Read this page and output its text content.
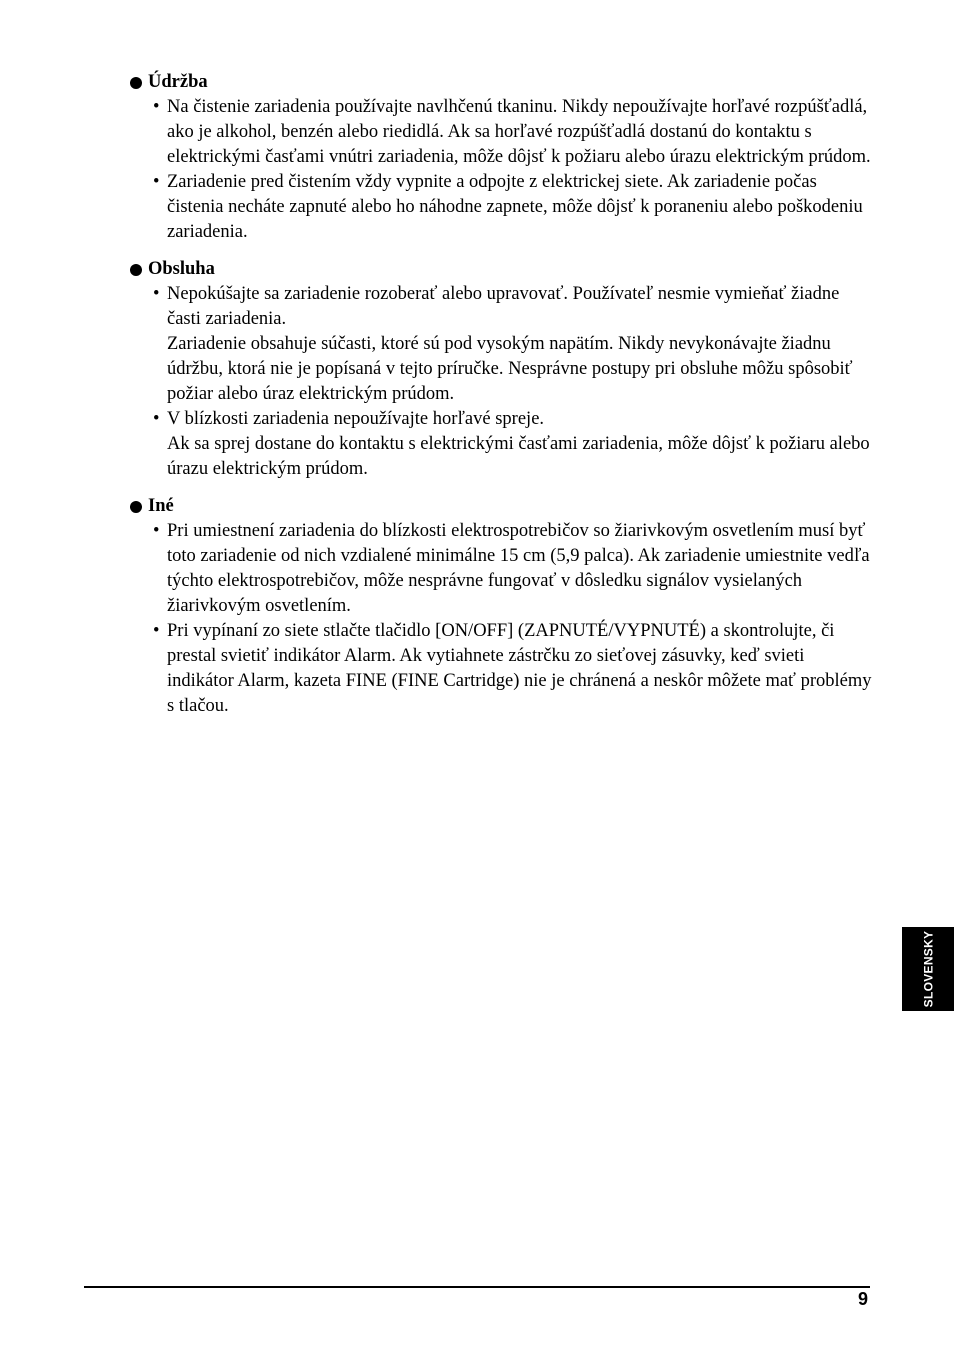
Údržba
• Na čistenie zariadenia používajte navlhčenú tkaninu. Nikdy nepoužívajte horľavé rozpúšťadlá, ako je alkohol, benzén alebo riedidlá. Ak sa horľavé rozpúšťadlá dostanú do kontaktu s elektrickými časťami vnútri zariadenia, môže dôjsť k požiaru alebo úrazu elektrickým prúdom.
• Zariadenie pred čistením vždy vypnite a odpojte z elektrickej siete. Ak zariadenie počas čistenia necháte zapnuté alebo ho náhodne zapnete, môže dôjsť k poraneniu alebo poškodeniu zariadenia.
Obsluha
• Nepokúšajte sa zariadenie rozoberať alebo upravovať. Používateľ nesmie vymieňať žiadne časti zariadenia.
Zariadenie obsahuje súčasti, ktoré sú pod vysokým napätím. Nikdy nevykonávajte žiadnu údržbu, ktorá nie je popísaná v tejto príručke. Nesprávne postupy pri obsluhe môžu spôsobiť požiar alebo úraz elektrickým prúdom.
• V blízkosti zariadenia nepoužívajte horľavé spreje.
Ak sa sprej dostane do kontaktu s elektrickými časťami zariadenia, môže dôjsť k požiaru alebo úrazu elektrickým prúdom.
Iné
• Pri umiestnení zariadenia do blízkosti elektrospotrebičov so žiarivkovým osvetlením musí byť toto zariadenie od nich vzdialené minimálne 15 cm (5,9 palca). Ak zariadenie umiestnite vedľa týchto elektrospotrebičov, môže nesprávne fungovať v dôsledku signálov vysielaných žiarivkovým osvetlením.
• Pri vypínaní zo siete stlačte tlačidlo [ON/OFF] (ZAPNUTÉ/VYPNUTÉ) a skontrolujte, či prestal svietiť indikátor Alarm. Ak vytiahnete zástrčku zo sieťovej zásuvky, keď svieti indikátor Alarm, kazeta FINE (FINE Cartridge) nie je chránená a neskôr môžete mať problémy s tlačou.
SLOVENSKY
9
